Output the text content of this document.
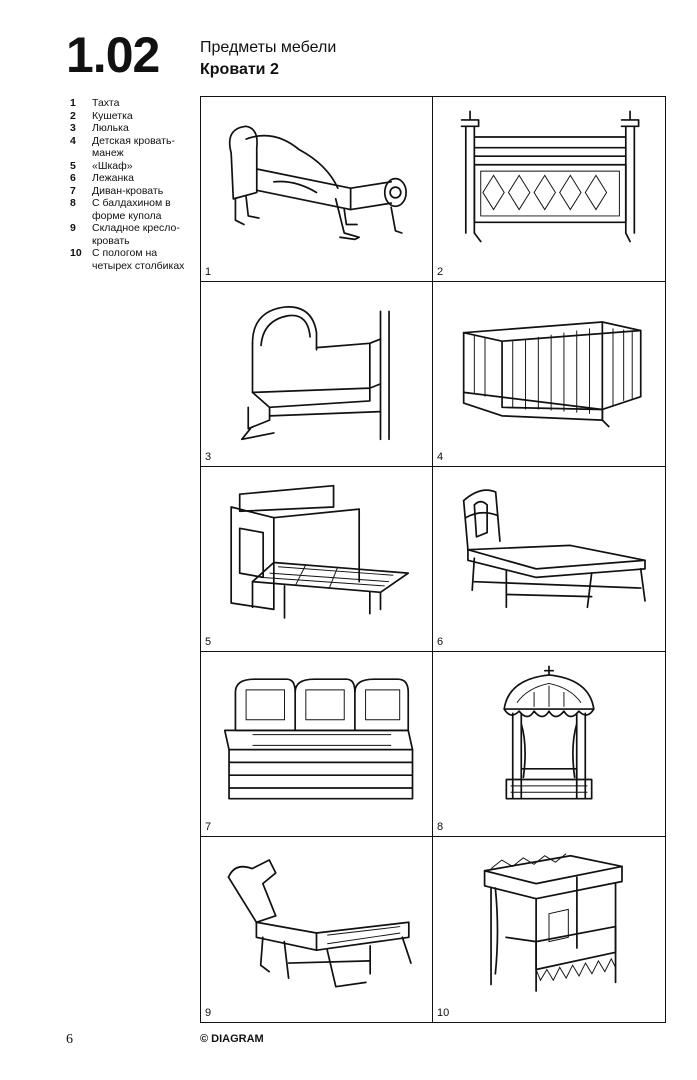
1.02	Предметы мебели
Кровати 2
1	Тахта
2	Кушетка
3	Люлька
4	Детская кровать-манеж
5	«Шкаф»
6	Лежанка
7	Диван-кровать
8	С балдахином в форме купола
9	Складное кресло-кровать
10 С пологом на четырех столбиках
1	2
3	4
5	6
7	8
9	10
6	© DIAGRAM
